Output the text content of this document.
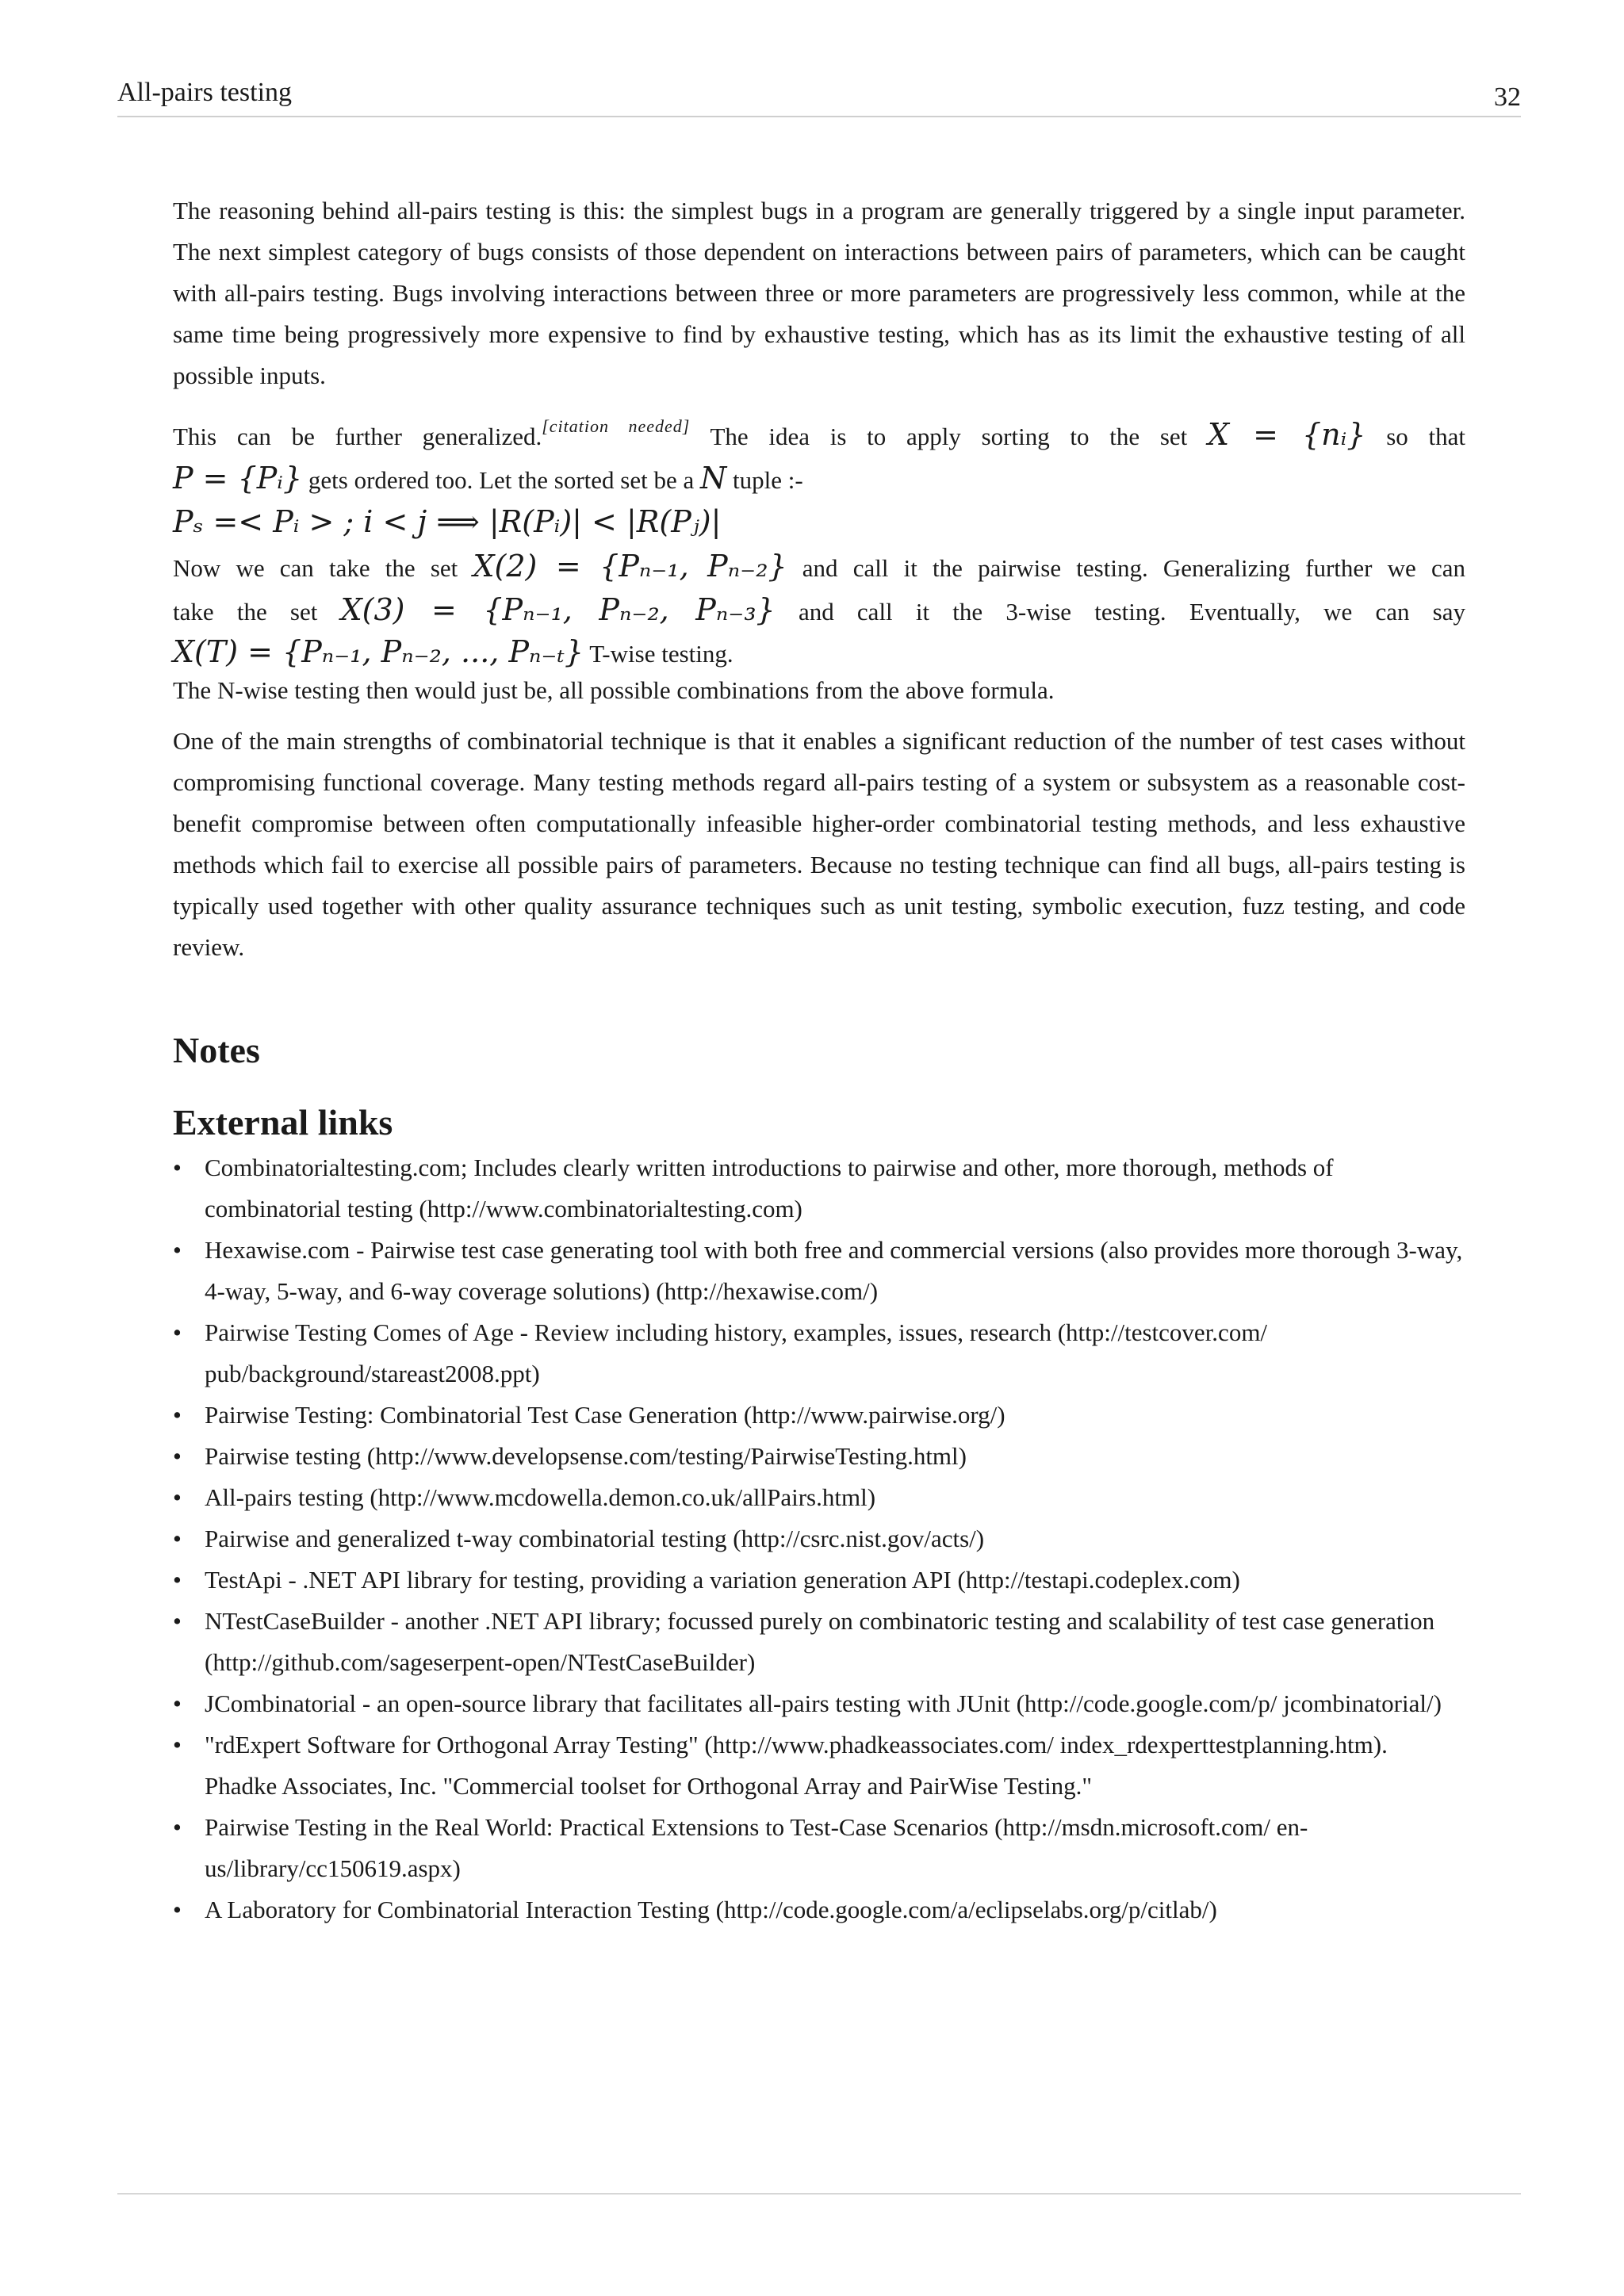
All-pairs testing	32

The reasoning behind all-pairs testing is this: the simplest bugs in a program are generally triggered by a single input parameter. The next simplest category of bugs consists of those dependent on interactions between pairs of parameters, which can be caught with all-pairs testing. Bugs involving interactions between three or more parameters are progressively less common, while at the same time being progressively more expensive to find by exhaustive testing, which has as its limit the exhaustive testing of all possible inputs.

This can be further generalized.[citation needed] The idea is to apply sorting to the set X = {nᵢ} so that

P = {Pᵢ} gets ordered too. Let the sorted set be a N tuple :-

Pₛ =< Pᵢ > ; i < j ⟹ |R(Pᵢ)| < |R(Pⱼ)|

Now we can take the set X(2) = {Pₙ₋₁, Pₙ₋₂} and call it the pairwise testing. Generalizing further we can

take the set X(3) = {Pₙ₋₁, Pₙ₋₂, Pₙ₋₃} and call it the 3-wise testing. Eventually, we can say

X(T) = {Pₙ₋₁, Pₙ₋₂, ..., Pₙ₋ₜ} T-wise testing.

The N-wise testing then would just be, all possible combinations from the above formula.

One of the main strengths of combinatorial technique is that it enables a significant reduction of the number of test cases without compromising functional coverage. Many testing methods regard all-pairs testing of a system or subsystem as a reasonable cost-benefit compromise between often computationally infeasible higher-order combinatorial testing methods, and less exhaustive methods which fail to exercise all possible pairs of parameters. Because no testing technique can find all bugs, all-pairs testing is typically used together with other quality assurance techniques such as unit testing, symbolic execution, fuzz testing, and code review.

Notes
External links
• Combinatorialtesting.com; Includes clearly written introductions to pairwise and other, more thorough, methods of combinatorial testing (http://www.combinatorialtesting.com)
• Hexawise.com - Pairwise test case generating tool with both free and commercial versions (also provides more thorough 3-way, 4-way, 5-way, and 6-way coverage solutions) (http://hexawise.com/)
• Pairwise Testing Comes of Age - Review including history, examples, issues, research (http://testcover.com/ pub/background/stareast2008.ppt)
• Pairwise Testing: Combinatorial Test Case Generation (http://www.pairwise.org/)
• Pairwise testing (http://www.developsense.com/testing/PairwiseTesting.html)
• All-pairs testing (http://www.mcdowella.demon.co.uk/allPairs.html)
• Pairwise and generalized t-way combinatorial testing (http://csrc.nist.gov/acts/)
• TestApi - .NET API library for testing, providing a variation generation API (http://testapi.codeplex.com)
• NTestCaseBuilder - another .NET API library; focussed purely on combinatoric testing and scalability of test case generation (http://github.com/sageserpent-open/NTestCaseBuilder)
• JCombinatorial - an open-source library that facilitates all-pairs testing with JUnit (http://code.google.com/p/ jcombinatorial/)
• "rdExpert Software for Orthogonal Array Testing" (http://www.phadkeassociates.com/ index_rdexperttestplanning.htm). Phadke Associates, Inc. "Commercial toolset for Orthogonal Array and PairWise Testing."
• Pairwise Testing in the Real World: Practical Extensions to Test-Case Scenarios (http://msdn.microsoft.com/ en-us/library/cc150619.aspx)
• A Laboratory for Combinatorial Interaction Testing (http://code.google.com/a/eclipselabs.org/p/citlab/)
